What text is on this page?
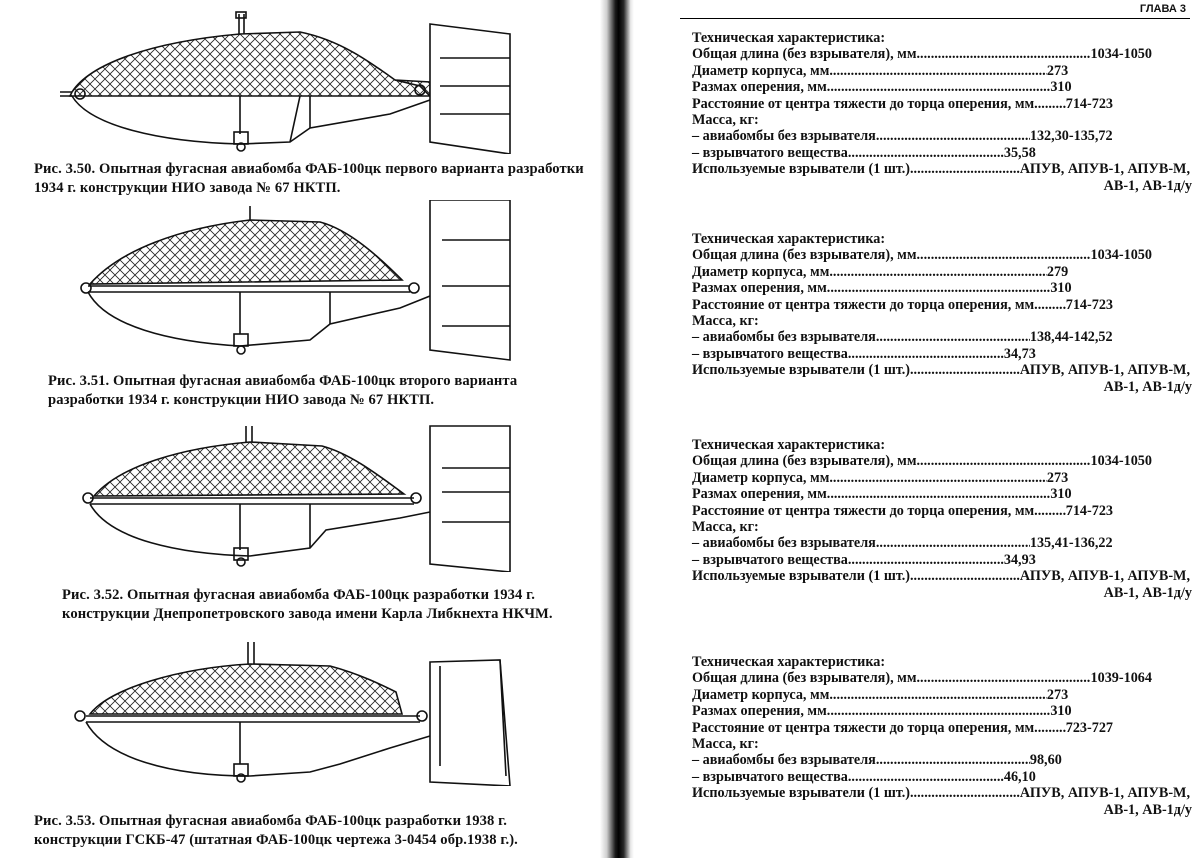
Рис. 3.50. Опытная фугасная авиабомба ФАБ-100цк первого варианта разработки 1934 г. конструкции НИО завода № 67 НКТП.
Рис. 3.51. Опытная фугасная авиабомба ФАБ-100цк второго варианта разработки 1934 г. конструкции НИО завода № 67 НКТП.
Рис. 3.52. Опытная фугасная авиабомба ФАБ-100цк разработки 1934 г. конструкции Днепропетровского завода имени Карла Либкнехта НКЧМ.
Рис. 3.53. Опытная фугасная авиабомба ФАБ-100цк разработки 1938 г. конструкции ГСКБ-47 (штатная ФАБ-100цк чертежа 3-0454 обр.1938 г.).
ГЛАВА 3
Техническая характеристика:
Общая длина (без взрывателя), мм. .....	1034-1050
Диаметр корпуса, мм. .....	273
Размах оперения, мм. .....	310
Расстояние от центра тяжести до торца оперения, мм. ..... 714-723
Масса, кг:
– авиабомбы без взрывателя .....	132,30-135,72
– взрывчатого вещества .....	35,58
Используемые взрыватели (1 шт.). .....	АПУВ, АПУВ-1, АПУВ-М,
АВ-1, АВ-1д/у
Техническая характеристика:
Общая длина (без взрывателя), мм. .....	1034-1050
Диаметр корпуса, мм. .....	279
Размах оперения, мм. .....	310
Расстояние от центра тяжести до торца оперения, мм. ..... 714-723
Масса, кг:
– авиабомбы без взрывателя .....	138,44-142,52
– взрывчатого вещества .....	34,73
Используемые взрыватели (1 шт.). .....	АПУВ, АПУВ-1, АПУВ-М,
АВ-1, АВ-1д/у
Техническая характеристика:
Общая длина (без взрывателя), мм. .....	1034-1050
Диаметр корпуса, мм. .....	273
Размах оперения, мм. .....	310
Расстояние от центра тяжести до торца оперения, мм. ..... 714-723
Масса, кг:
– авиабомбы без взрывателя .....	135,41-136,22
– взрывчатого вещества .....	34,93
Используемые взрыватели (1 шт.). .....	АПУВ, АПУВ-1, АПУВ-М,
АВ-1, АВ-1д/у
Техническая характеристика:
Общая длина (без взрывателя), мм. .....	1039-1064
Диаметр корпуса, мм. .....	273
Размах оперения, мм. .....	310
Расстояние от центра тяжести до торца оперения, мм. ..... 723-727
Масса, кг:
– авиабомбы без взрывателя .....	98,60
– взрывчатого вещества .....	46,10
Используемые взрыватели (1 шт.). .....	АПУВ, АПУВ-1, АПУВ-М,
АВ-1, АВ-1д/у
